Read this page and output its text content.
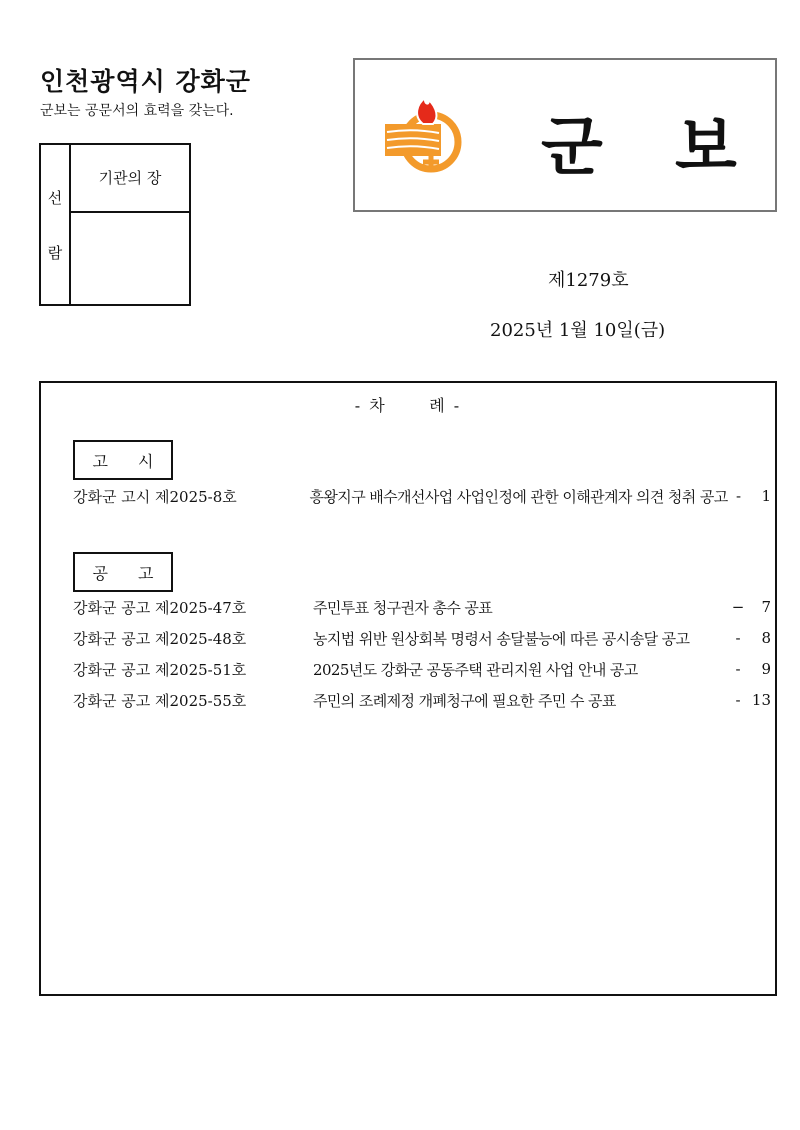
인천광역시 강화군
군보는 공문서의 효력을 갖는다.
선
람
기관의 장	군 보
제1279호
2025년 1월 10일(금)
- 차      례 -
고 시
강화군 고시 제2025-8호	흥왕지구 배수개선사업 사업인정에 관한 이해관계자 의견 청취 공고 -	1
공 고
강화군 공고 제2025-47호	주민투표 청구권자 총수 공표	−	7
강화군 공고 제2025-48호	농지법 위반 원상회복 명령서 송달불능에 따른 공시송달 공고	-	8
강화군 공고 제2025-51호	2025년도 강화군 공동주택 관리지원 사업 안내 공고	-	9
강화군 공고 제2025-55호	주민의 조례제정 개폐청구에 필요한 주민 수 공표	- 13
